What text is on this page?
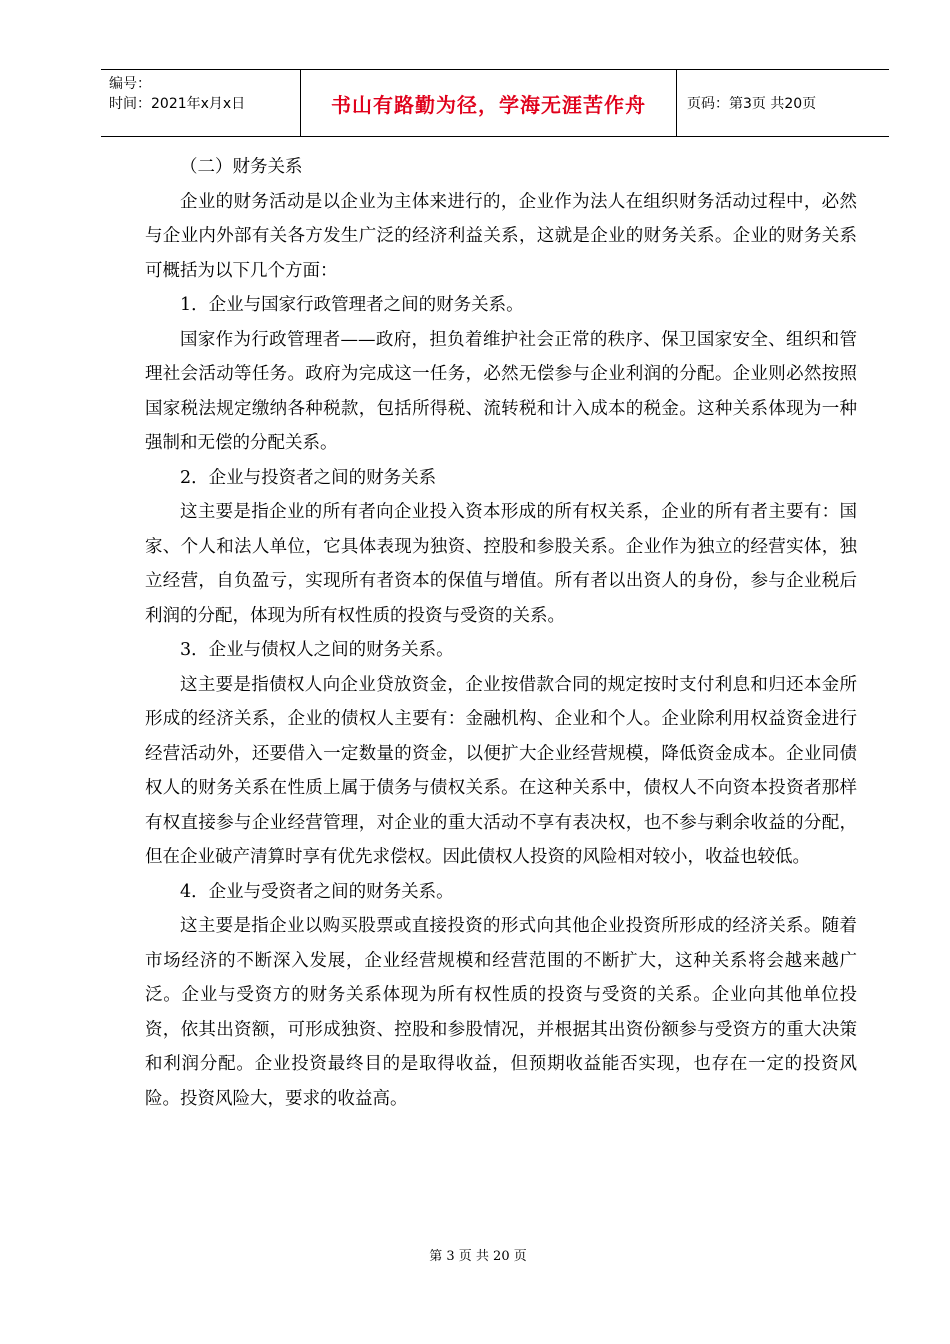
编号：
时间：2021年x月x日	书山有路勤为径，学海无涯苦作舟	页码：第3页 共20页

（二）财务关系

企业的财务活动是以企业为主体来进行的，企业作为法人在组织财务活动过程中，必然与企业内外部有关各方发生广泛的经济利益关系，这就是企业的财务关系。企业的财务关系可概括为以下几个方面：

1．企业与国家行政管理者之间的财务关系。

国家作为行政管理者——政府，担负着维护社会正常的秩序、保卫国家安全、组织和管理社会活动等任务。政府为完成这一任务，必然无偿参与企业利润的分配。企业则必然按照国家税法规定缴纳各种税款，包括所得税、流转税和计入成本的税金。这种关系体现为一种强制和无偿的分配关系。

2．企业与投资者之间的财务关系

这主要是指企业的所有者向企业投入资本形成的所有权关系，企业的所有者主要有：国家、个人和法人单位，它具体表现为独资、控股和参股关系。企业作为独立的经营实体，独立经营，自负盈亏，实现所有者资本的保值与增值。所有者以出资人的身份，参与企业税后利润的分配，体现为所有权性质的投资与受资的关系。

3．企业与债权人之间的财务关系。

这主要是指债权人向企业贷放资金，企业按借款合同的规定按时支付利息和归还本金所形成的经济关系，企业的债权人主要有：金融机构、企业和个人。企业除利用权益资金进行经营活动外，还要借入一定数量的资金，以便扩大企业经营规模，降低资金成本。企业同债权人的财务关系在性质上属于债务与债权关系。在这种关系中，债权人不向资本投资者那样有权直接参与企业经营管理，对企业的重大活动不享有表决权，也不参与剩余收益的分配，但在企业破产清算时享有优先求偿权。因此债权人投资的风险相对较小，收益也较低。

4．企业与受资者之间的财务关系。

这主要是指企业以购买股票或直接投资的形式向其他企业投资所形成的经济关系。随着市场经济的不断深入发展，企业经营规模和经营范围的不断扩大，这种关系将会越来越广泛。企业与受资方的财务关系体现为所有权性质的投资与受资的关系。企业向其他单位投资，依其出资额，可形成独资、控股和参股情况，并根据其出资份额参与受资方的重大决策和利润分配。企业投资最终目的是取得收益，但预期收益能否实现，也存在一定的投资风险。投资风险大，要求的收益高。

第 3 页 共 20 页
